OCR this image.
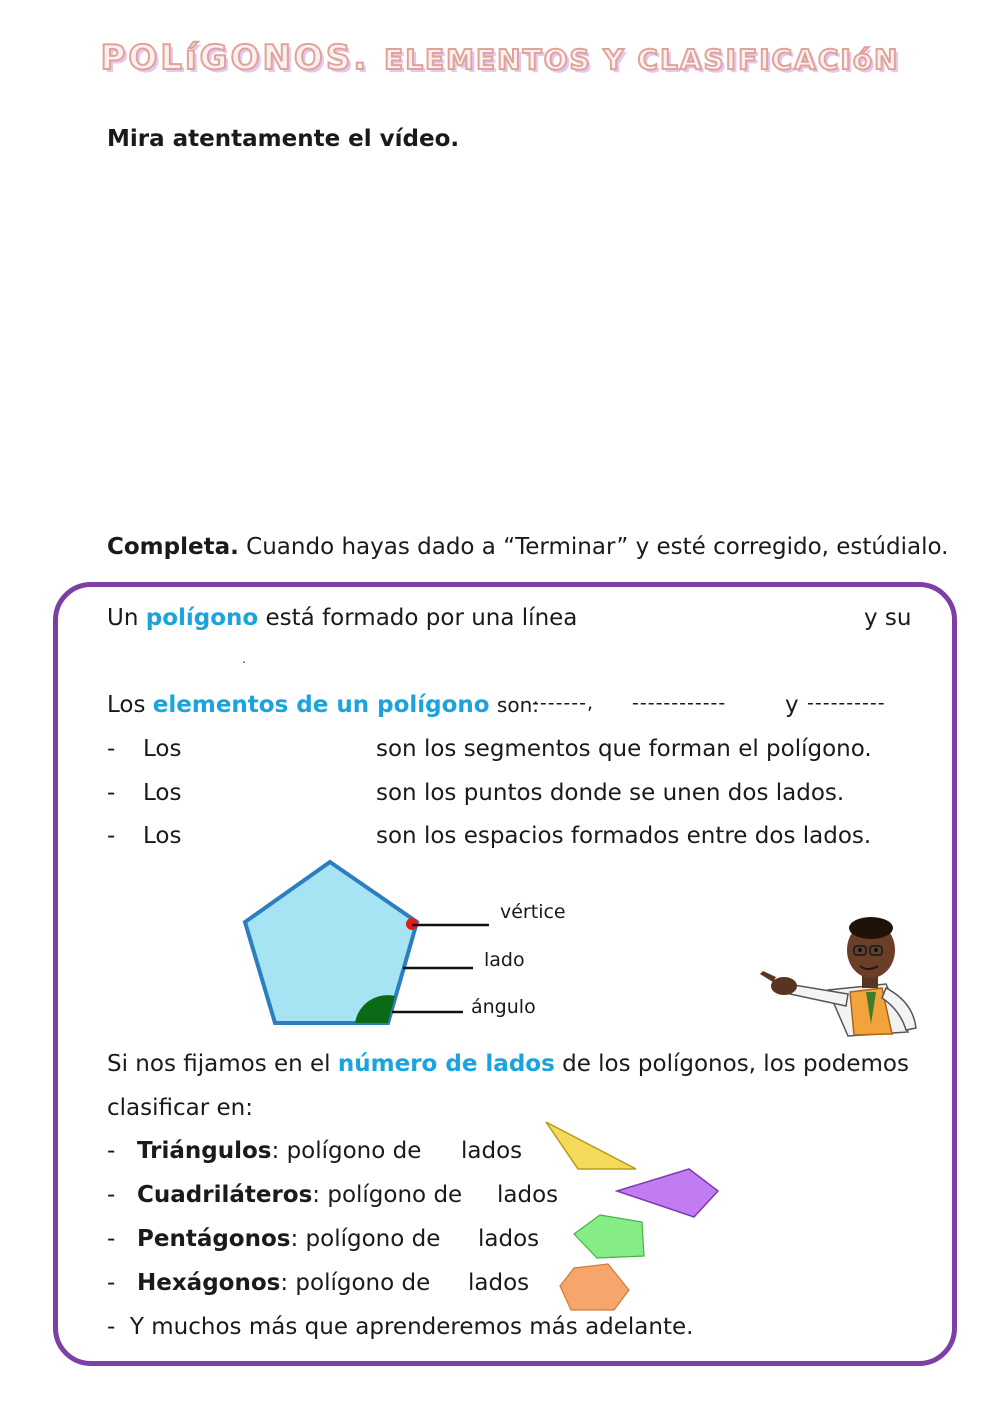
POLíGONOS. ELEMENTOS Y CLASIFICACIóN
Mira atentamente el vídeo.
Completa. Cuando hayas dado a “Terminar” y esté corregido, estúdialo.
Un polígono está formado por una línea	y su
.
Los elementos de un polígono son:
-------, ------------	y ----------
- Los	son los segmentos que forman el polígono.
- Los	son los puntos donde se unen dos lados.
- Los	son los espacios formados entre dos lados.
vértice
lado
ángulo
Si nos fijamos en el número de lados de los polígonos, los podemos
clasificar en:
- Triángulos: polígono de lados
- Cuadriláteros: polígono de lados
- Pentágonos: polígono de lados
- Hexágonos: polígono de lados
-  Y muchos más que aprenderemos más adelante.
